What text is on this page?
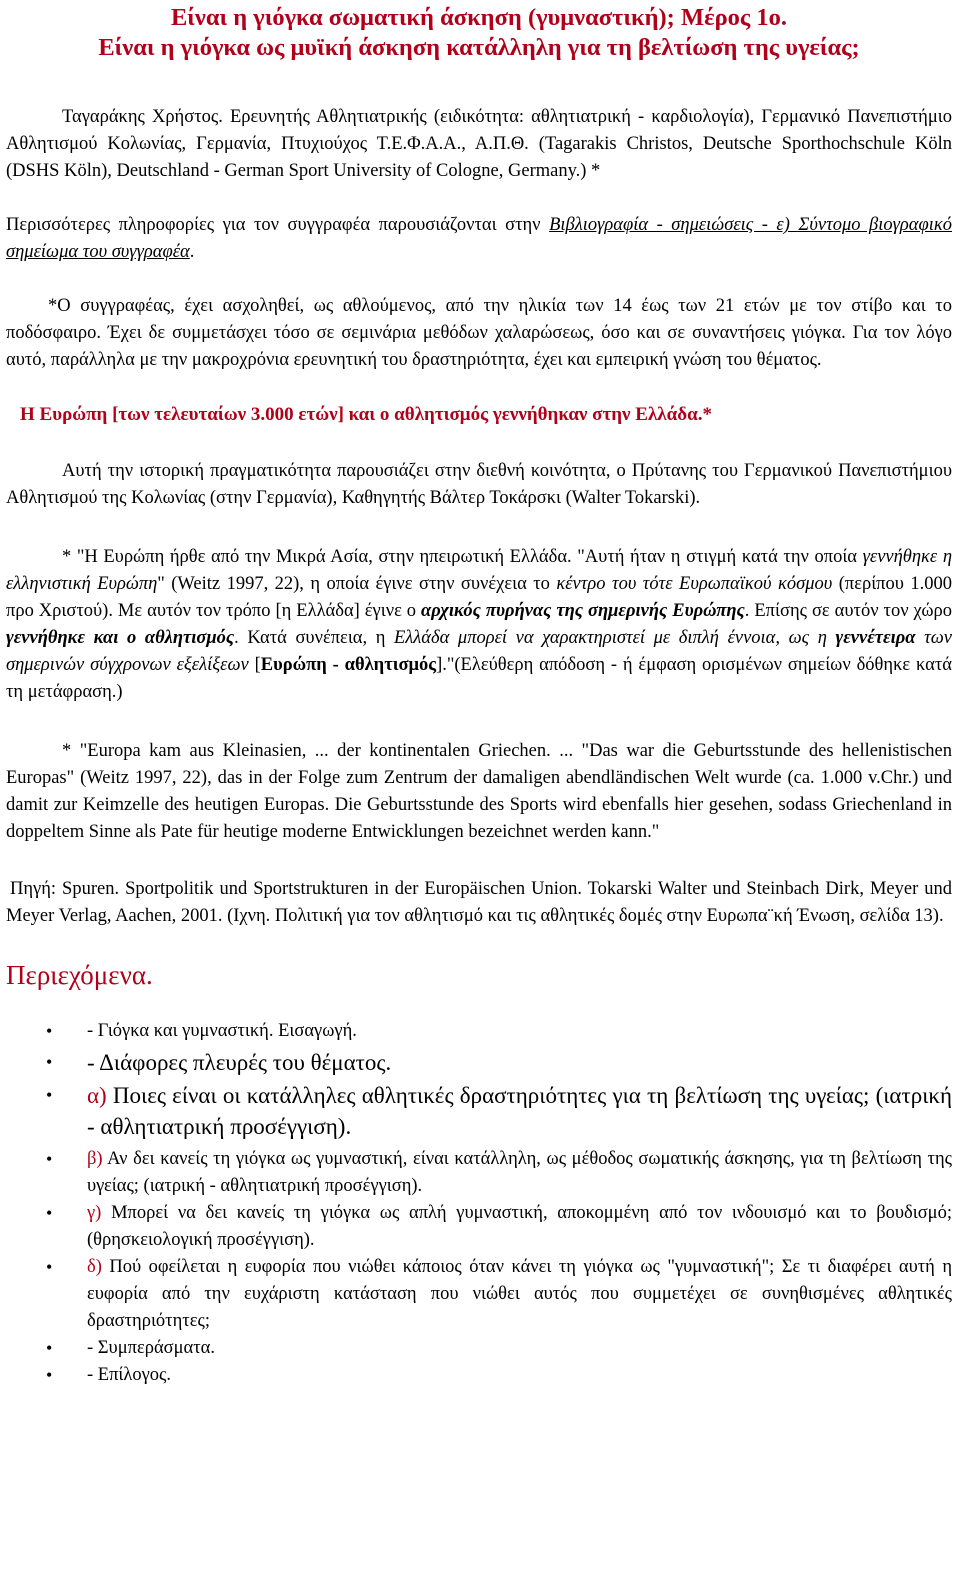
Είναι η γιόγκα σωματική άσκηση (γυμναστική); Μέρος 1ο.
Είναι η γιόγκα ως μυϊκή άσκηση κατάλληλη για τη βελτίωση της υγείας;

Ταγαράκης Χρήστος. Ερευνητής Αθλητιατρικής (ειδικότητα: αθλητιατρική - καρδιολογία), Γερμανικό Πανεπιστήμιο Αθλητισμού Κολωνίας, Γερμανία, Πτυχιούχος Τ.Ε.Φ.Α.Α., Α.Π.Θ. (Tagarakis Christos, Deutsche Sporthochschule Köln (DSHS Köln), Deutschland - German Sport University of Cologne, Germany.) *

Περισσότερες πληροφορίες για τον συγγραφέα παρουσιάζονται στην Βιβλιογραφία - σημειώσεις - ε) Σύντομο βιογραφικό σημείωμα του συγγραφέα.

*Ο συγγραφέας, έχει ασχοληθεί, ως αθλούμενος, από την ηλικία των 14 έως των 21 ετών με τον στίβο και το ποδόσφαιρο. Έχει δε συμμετάσχει τόσο σε σεμινάρια μεθόδων χαλαρώσεως, όσο και σε συναντήσεις γιόγκα. Για τον λόγο αυτό, παράλληλα με την μακροχρόνια ερευνητική του δραστηριότητα, έχει και εμπειρική γνώση του θέματος.

Η Ευρώπη [των τελευταίων 3.000 ετών] και ο αθλητισμός γεννήθηκαν στην Ελλάδα.*

Αυτή την ιστορική πραγματικότητα παρουσιάζει στην διεθνή κοινότητα, ο Πρύτανης του Γερμανικού Πανεπιστήμιου Αθλητισμού της Κολωνίας (στην Γερμανία), Καθηγητής Βάλτερ Τοκάρσκι (Walter Tokarski).

* "Η Ευρώπη ήρθε από την Μικρά Ασία, στην ηπειρωτική Ελλάδα. "Αυτή ήταν η στιγμή κατά την οποία γεννήθηκε η ελληνιστική Ευρώπη" (Weitz 1997, 22), η οποία έγινε στην συνέχεια το κέντρο του τότε Ευρωπαϊκού κόσμου (περίπου 1.000 προ Χριστού). Με αυτόν τον τρόπο [η Ελλάδα] έγινε ο αρχικός πυρήνας της σημερινής Ευρώπης. Επίσης σε αυτόν τον χώρο γεννήθηκε και ο αθλητισμός. Κατά συνέπεια, η Ελλάδα μπορεί να χαρακτηριστεί με διπλή έννοια, ως η γεννέτειρα των σημερινών σύγχρονων εξελίξεων [Ευρώπη - αθλητισμός]."(Ελεύθερη απόδοση - ή έμφαση ορισμένων σημείων δόθηκε κατά τη μετάφραση.)

* "Europa kam aus Kleinasien, ... der kontinentalen Griechen. ... "Das war die Geburtsstunde des hellenistischen Europas" (Weitz 1997, 22), das in der Folge zum Zentrum der damaligen abendländischen Welt wurde (ca. 1.000 v.Chr.) und damit zur Keimzelle des heutigen Europas. Die Geburtsstunde des Sports wird ebenfalls hier gesehen, sodass Griechenland in doppeltem Sinne als Pate für heutige moderne Entwicklungen bezeichnet werden kann."

Πηγή: Spuren. Sportpolitik und Sportstrukturen in der Europäischen Union. Tokarski Walter und Steinbach Dirk, Meyer und Meyer Verlag, Aachen, 2001. (Ιχνη. Πολιτική για τον αθλητισμό και τις αθλητικές δομές στην Ευρωπα¨κή Ένωση, σελίδα 13).

Περιεχόμενα.
• - Γιόγκα και γυμναστική. Εισαγωγή.
• - Διάφορες πλευρές του θέματος.
• α) Ποιες είναι οι κατάλληλες αθλητικές δραστηριότητες για τη βελτίωση της υγείας; (ιατρική - αθλητιατρική προσέγγιση).
• β) Αν δει κανείς τη γιόγκα ως γυμναστική, είναι κατάλληλη, ως μέθοδος σωματικής άσκησης, για τη βελτίωση της υγείας; (ιατρική - αθλητιατρική προσέγγιση).
• γ) Μπορεί να δει κανείς τη γιόγκα ως απλή γυμναστική, αποκομμένη από τον ινδουισμό και το βουδισμό; (θρησκειολογική προσέγγιση).
• δ) Πού οφείλεται η ευφορία που νιώθει κάποιος όταν κάνει τη γιόγκα ως "γυμναστική"; Σε τι διαφέρει αυτή η ευφορία από την ευχάριστη κατάσταση που νιώθει αυτός που συμμετέχει σε συνηθισμένες αθλητικές δραστηριότητες;
• - Συμπεράσματα.
• - Επίλογος.
